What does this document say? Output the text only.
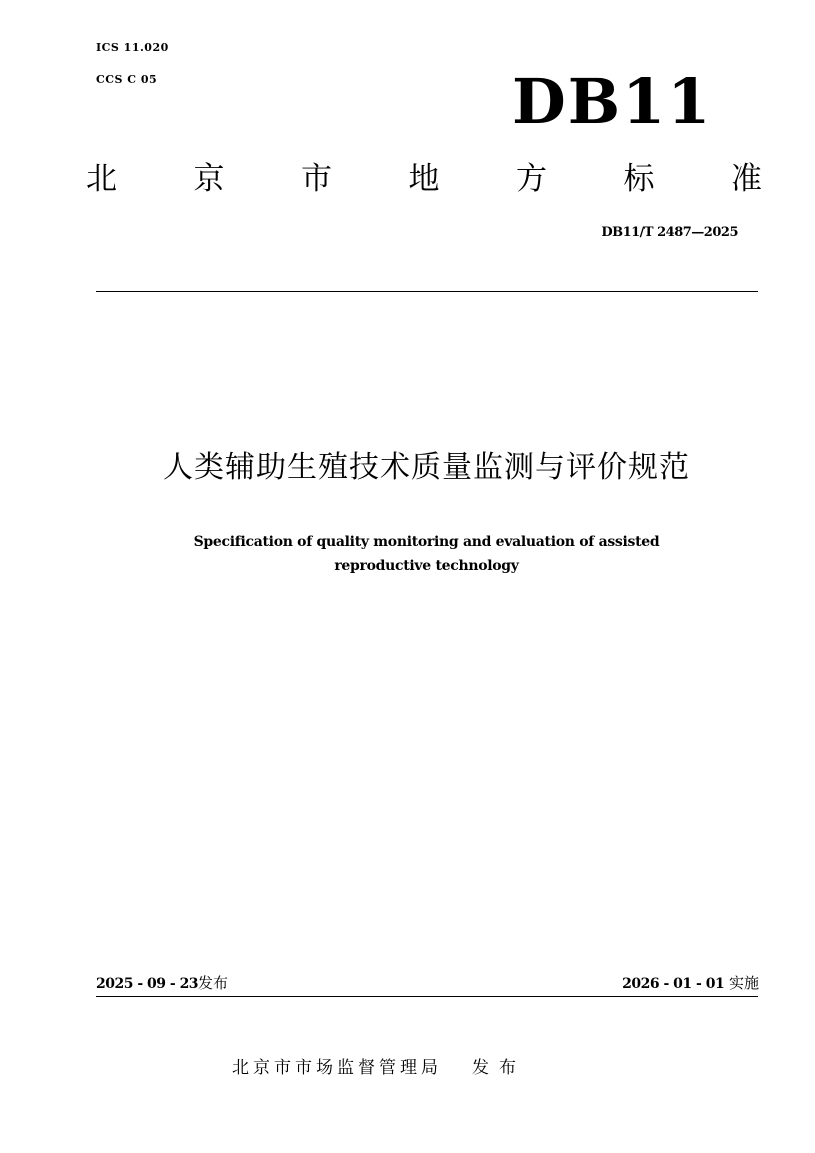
ICS 11.020
CCS C 05	DB11
北 京 市 地 方 标 准
DB11/T 2487—2025
人类辅助生殖技术质量监测与评价规范
Specification of quality monitoring and evaluation of assisted
reproductive technology
2025 - 09 - 23发布	2026 - 01 - 01 实施
北京市市场监督管理局 发布
